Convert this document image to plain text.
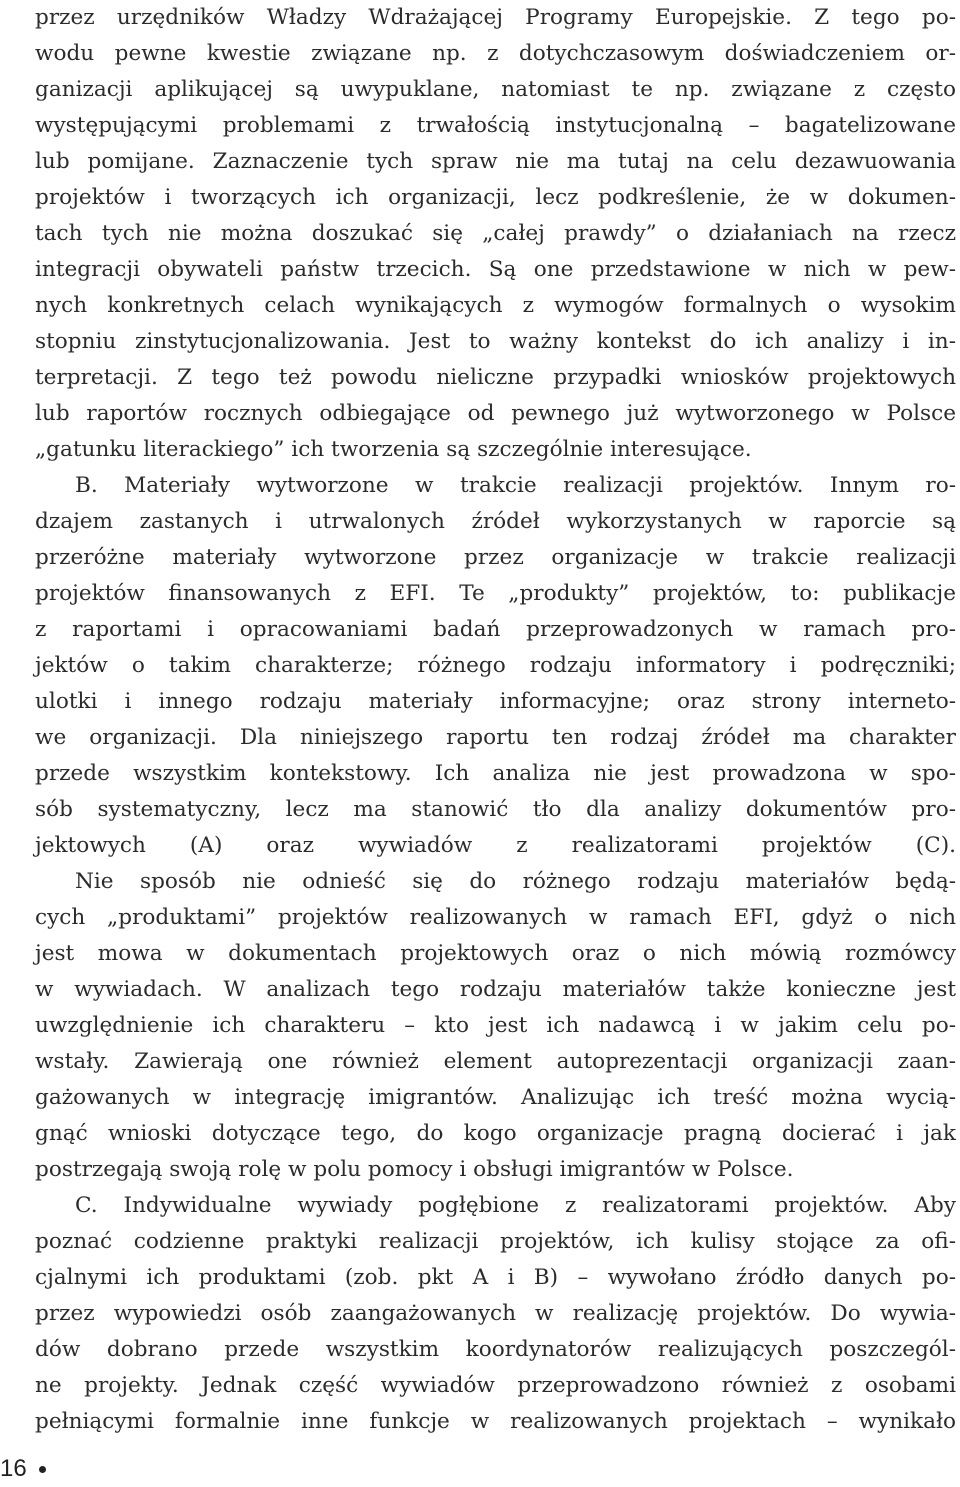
przez urzędników Władzy Wdrażającej Programy Europejskie. Z tego po-
wodu pewne kwestie związane np. z dotychczasowym doświadczeniem or-
ganizacji aplikującej są uwypuklane, natomiast te np. związane z często
występującymi problemami z trwałością instytucjonalną – bagatelizowane
lub pomijane. Zaznaczenie tych spraw nie ma tutaj na celu dezawuowania
projektów i tworzących ich organizacji, lecz podkreślenie, że w dokumen-
tach tych nie można doszukać się „całej prawdy” o działaniach na rzecz
integracji obywateli państw trzecich. Są one przedstawione w nich w pew-
nych konkretnych celach wynikających z wymogów formalnych o wysokim
stopniu zinstytucjonalizowania. Jest to ważny kontekst do ich analizy i in-
terpretacji. Z tego też powodu nieliczne przypadki wniosków projektowych
lub raportów rocznych odbiegające od pewnego już wytworzonego w Polsce
„gatunku literackiego” ich tworzenia są szczególnie interesujące.
B. Materiały wytworzone w trakcie realizacji projektów. Innym ro-
dzajem zastanych i utrwalonych źródeł wykorzystanych w raporcie są
przeróżne materiały wytworzone przez organizacje w trakcie realizacji
projektów finansowanych z EFI. Te „produkty” projektów, to: publikacje
z raportami i opracowaniami badań przeprowadzonych w ramach pro-
jektów o takim charakterze; różnego rodzaju informatory i podręczniki;
ulotki i innego rodzaju materiały informacyjne; oraz strony interneto-
we organizacji. Dla niniejszego raportu ten rodzaj źródeł ma charakter
przede wszystkim kontekstowy. Ich analiza nie jest prowadzona w spo-
sób systematyczny, lecz ma stanowić tło dla analizy dokumentów pro-
jektowych (A) oraz wywiadów z realizatorami projektów (C).
Nie sposób nie odnieść się do różnego rodzaju materiałów będą-
cych „produktami” projektów realizowanych w ramach EFI, gdyż o nich
jest mowa w dokumentach projektowych oraz o nich mówią rozmówcy
w wywiadach. W analizach tego rodzaju materiałów także konieczne jest
uwzględnienie ich charakteru – kto jest ich nadawcą i w jakim celu po-
wstały. Zawierają one również element autoprezentacji organizacji zaan-
gażowanych w integrację imigrantów. Analizując ich treść można wycią-
gnąć wnioski dotyczące tego, do kogo organizacje pragną docierać i jak
postrzegają swoją rolę w polu pomocy i obsługi imigrantów w Polsce.
C. Indywidualne wywiady pogłębione z realizatorami projektów. Aby
poznać codzienne praktyki realizacji projektów, ich kulisy stojące za ofi-
cjalnymi ich produktami (zob. pkt A i B) – wywołano źródło danych po-
przez wypowiedzi osób zaangażowanych w realizację projektów. Do wywia-
dów dobrano przede wszystkim koordynatorów realizujących poszczegól-
ne projekty. Jednak część wywiadów przeprowadzono również z osobami
pełniącymi formalnie inne funkcje w realizowanych projektach – wynikało
16
